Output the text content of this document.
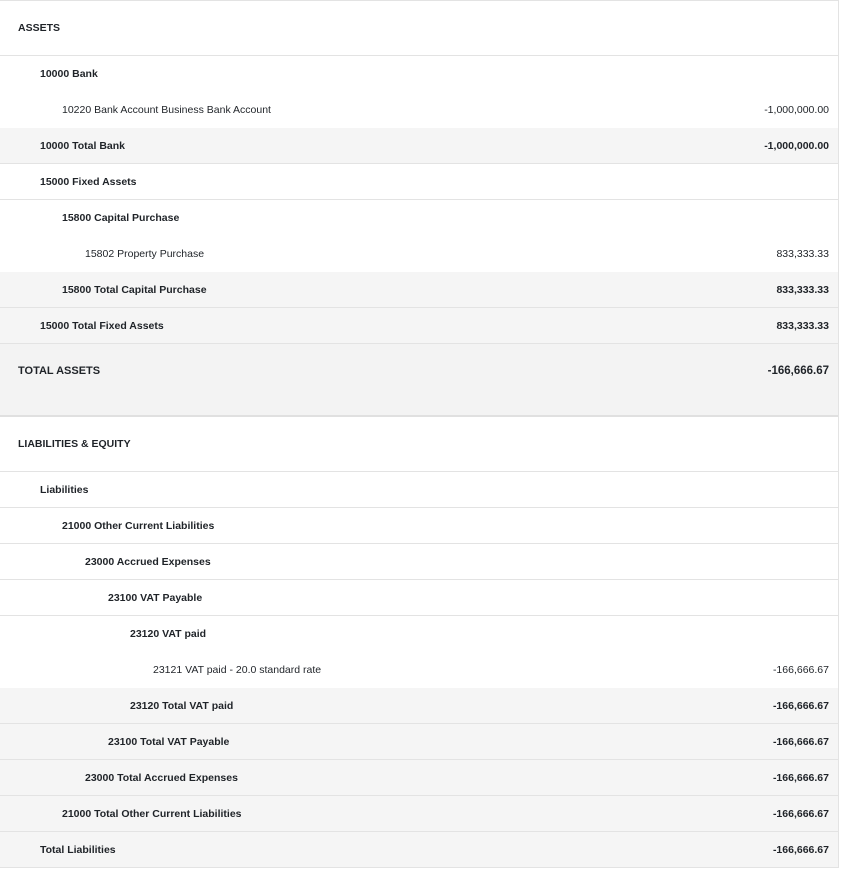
ASSETS
10000 Bank
10220 Bank Account Business Bank Account	-1,000,000.00
10000 Total Bank	-1,000,000.00
15000 Fixed Assets
15800 Capital Purchase
15802 Property Purchase	833,333.33
15800 Total Capital Purchase	833,333.33
15000 Total Fixed Assets	833,333.33
TOTAL ASSETS	-166,666.67
LIABILITIES & EQUITY
Liabilities
21000 Other Current Liabilities
23000 Accrued Expenses
23100 VAT Payable
23120 VAT paid
23121 VAT paid - 20.0 standard rate	-166,666.67
23120 Total VAT paid	-166,666.67
23100 Total VAT Payable	-166,666.67
23000 Total Accrued Expenses	-166,666.67
21000 Total Other Current Liabilities	-166,666.67
Total Liabilities	-166,666.67
